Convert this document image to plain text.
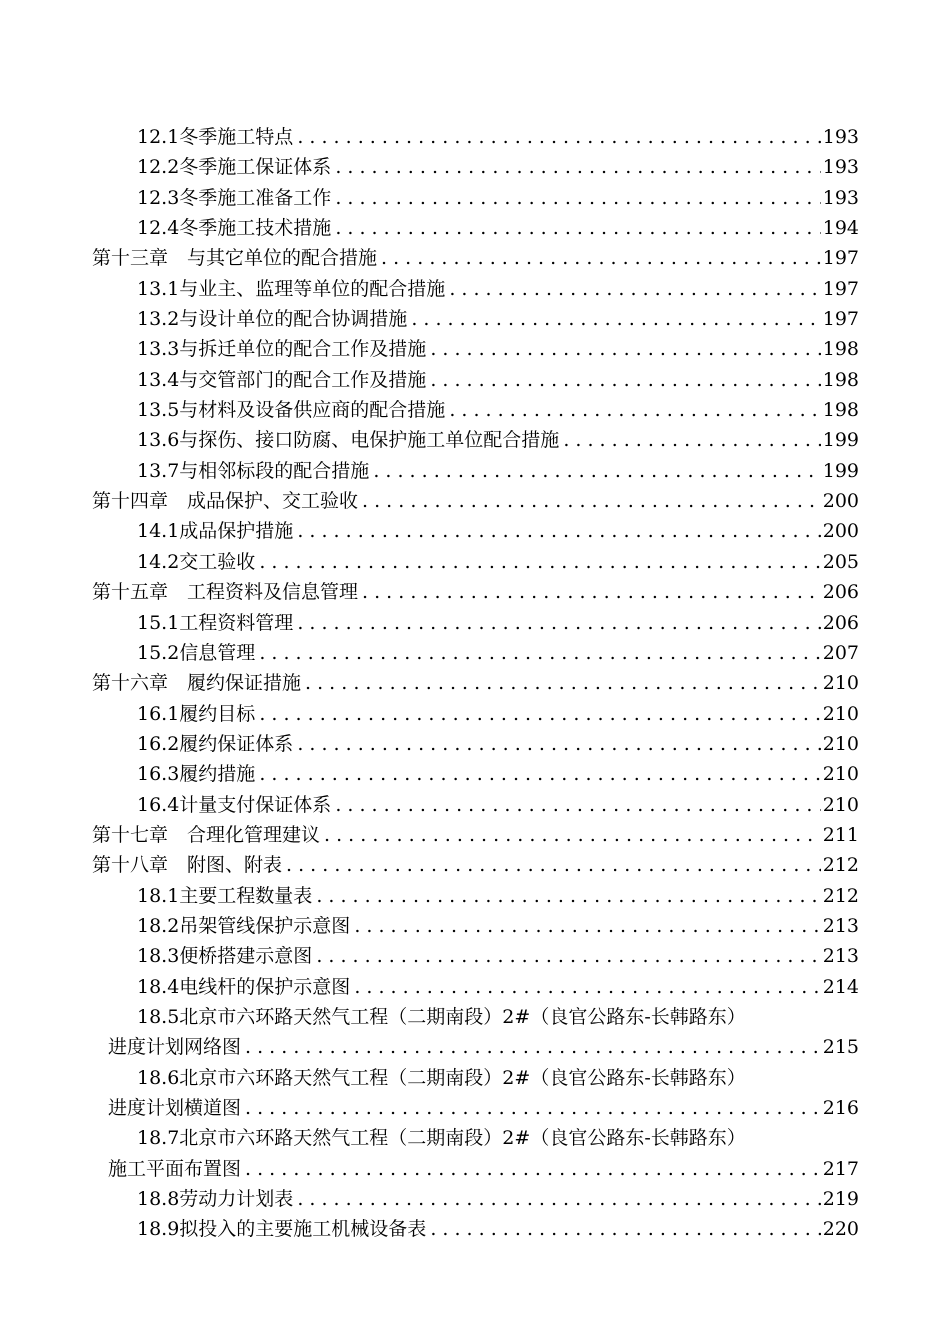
12.1冬季施工特点 . . .	193
12.2冬季施工保证体系 . . .	193
12.3冬季施工准备工作 . . .	193
12.4冬季施工技术措施 . . .	194
第十三章　与其它单位的配合措施 . . .	197
13.1与业主、监理等单位的配合措施 . . .	197
13.2与设计单位的配合协调措施 . . .	197
13.3与拆迁单位的配合工作及措施 . . .	198
13.4与交管部门的配合工作及措施 . . .	198
13.5与材料及设备供应商的配合措施 . . .	198
13.6与探伤、接口防腐、电保护施工单位配合措施 . . .	199
13.7与相邻标段的配合措施 . . .	199
第十四章　成品保护、交工验收 . . .	200
14.1成品保护措施 . . .	200
14.2交工验收 . . .	205
第十五章　工程资料及信息管理 . . .	206
15.1工程资料管理 . . .	206
15.2信息管理 . . .	207
第十六章　履约保证措施 . . .	210
16.1履约目标 . . .	210
16.2履约保证体系 . . .	210
16.3履约措施 . . .	210
16.4计量支付保证体系 . . .	210
第十七章　合理化管理建议 . . .	211
第十八章　附图、附表 . . .	212
18.1主要工程数量表 . . .	212
18.2吊架管线保护示意图 . . .	213
18.3便桥搭建示意图 . . .	213
18.4电线杆的保护示意图 . . .	214
18.5北京市六环路天然气工程（二期南段）2#（良官公路东-长韩路东）
进度计划网络图 . . .	215
18.6北京市六环路天然气工程（二期南段）2#（良官公路东-长韩路东）
进度计划横道图 . . .	216
18.7北京市六环路天然气工程（二期南段）2#（良官公路东-长韩路东）
施工平面布置图 . . .	217
18.8劳动力计划表 . . .	219
18.9拟投入的主要施工机械设备表 . . .	220
